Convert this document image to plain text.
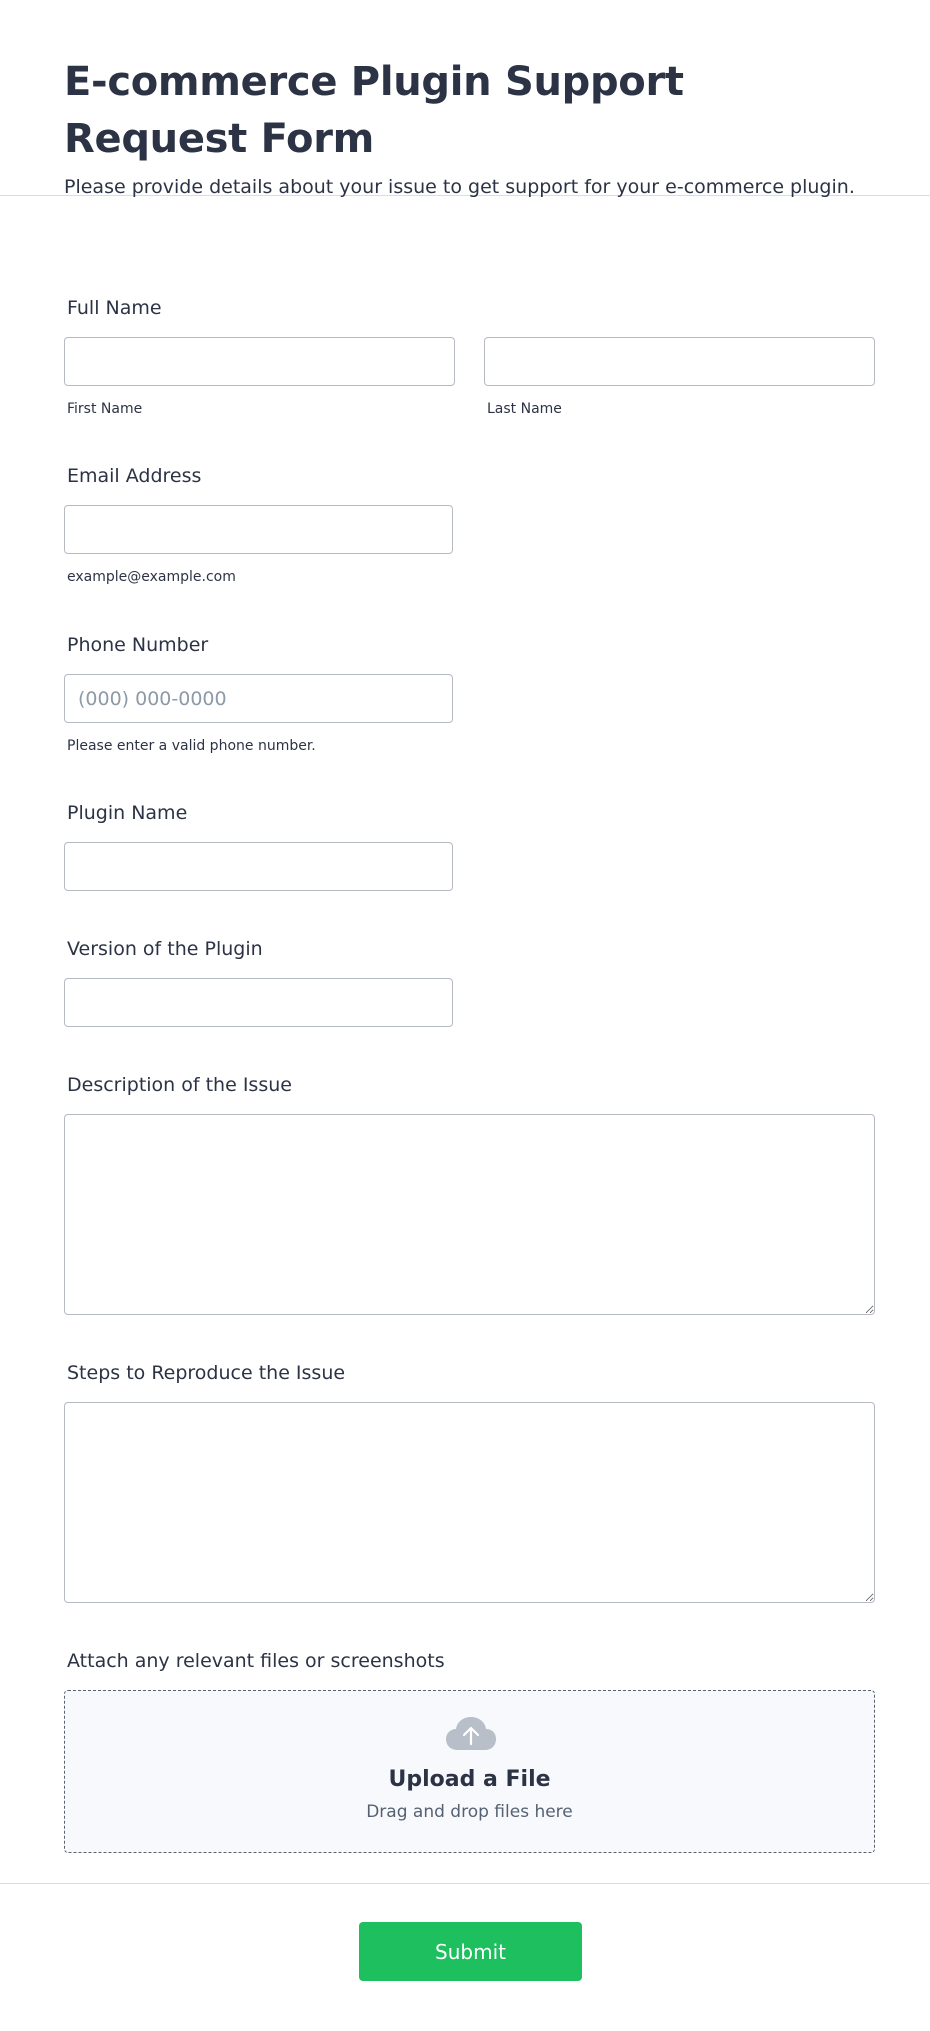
E-commerce Plugin Support Request Form

Please provide details about your issue to get support for your e-commerce plugin.

Full Name
First Name	Last Name
Email Address
example@example.com
Phone Number
(000) 000-0000
Please enter a valid phone number.
Plugin Name
Version of the Plugin
Description of the Issue
Steps to Reproduce the Issue
Attach any relevant files or screenshots
Upload a File
Drag and drop files here
Submit
